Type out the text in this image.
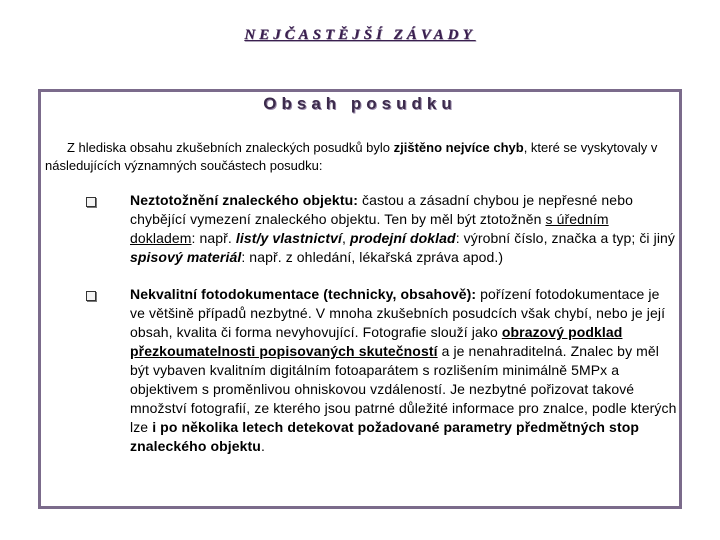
NEJČASTĚJŠÍ ZÁVADY
Obsah posudku
Z hlediska obsahu zkušebních znaleckých posudků bylo zjištěno nejvíce chyb, které se vyskytovaly v následujících významných součástech posudku:
Neztotožnění znaleckého objektu: častou a zásadní chybou je nepřesné nebo chybějící vymezení znaleckého objektu. Ten by měl být ztotožněn s úředním dokladem: např. list/y vlastnictví, prodejní doklad: výrobní číslo, značka a typ; či jiný spisový materiál: např. z ohledání, lékařská zpráva apod.)
Nekvalitní fotodokumentace (technicky, obsahově): pořízení fotodokumentace je ve většině případů nezbytné. V mnoha zkušebních posudcích však chybí, nebo je její obsah, kvalita či forma nevyhovující. Fotografie slouží jako obrazový podklad přezkoumatelnosti popisovaných skutečností a je nenahraditelná. Znalec by měl být vybaven kvalitním digitálním fotoaparátem s rozlišením minimálně 5MPx a objektivem s proměnlivou ohniskovou vzdáleností. Je nezbytné pořizovat takové množství fotografií, ze kterého jsou patrné důležité informace pro znalce, podle kterých lze i po několika letech detekovat požadované parametry předmětných stop znaleckého objektu.
